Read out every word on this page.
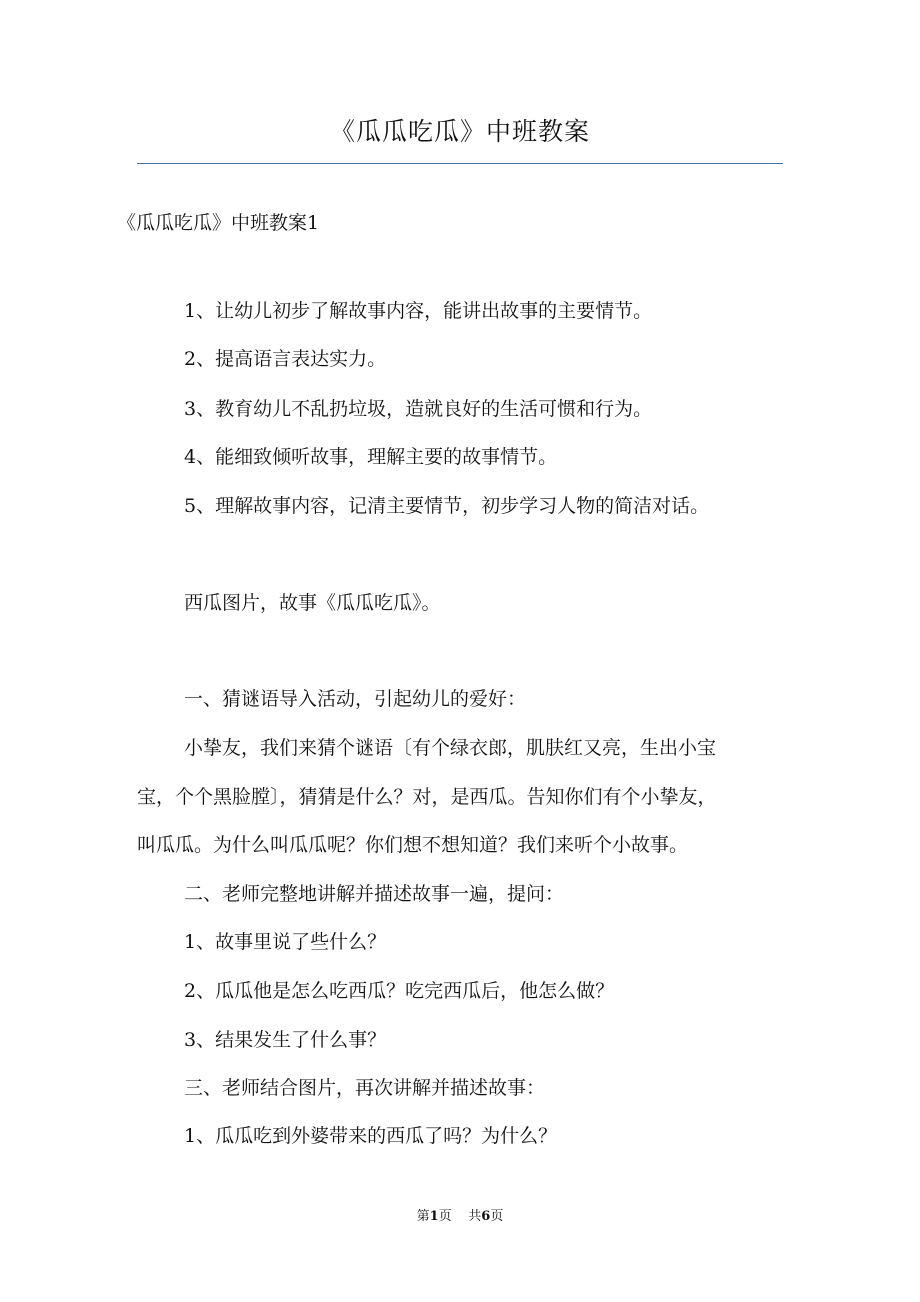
《瓜瓜吃瓜》中班教案
《瓜瓜吃瓜》中班教案1
1、让幼儿初步了解故事内容，能讲出故事的主要情节。
2、提高语言表达实力。
3、教育幼儿不乱扔垃圾，造就良好的生活可惯和行为。
4、能细致倾听故事，理解主要的故事情节。
5、理解故事内容，记清主要情节，初步学习人物的简洁对话。
西瓜图片，故事《瓜瓜吃瓜》。
一、猜谜语导入活动，引起幼儿的爱好：
小挚友，我们来猜个谜语〔有个绿衣郎，肌肤红又亮，生出小宝
宝，个个黑脸膛〕，猜猜是什么？对，是西瓜。告知你们有个小挚友，
叫瓜瓜。为什么叫瓜瓜呢？你们想不想知道？我们来听个小故事。
二、老师完整地讲解并描述故事一遍，提问：
1、故事里说了些什么？
2、瓜瓜他是怎么吃西瓜？吃完西瓜后，他怎么做？
3、结果发生了什么事？
三、老师结合图片，再次讲解并描述故事：
1、瓜瓜吃到外婆带来的西瓜了吗？为什么？
第1页 共6页
